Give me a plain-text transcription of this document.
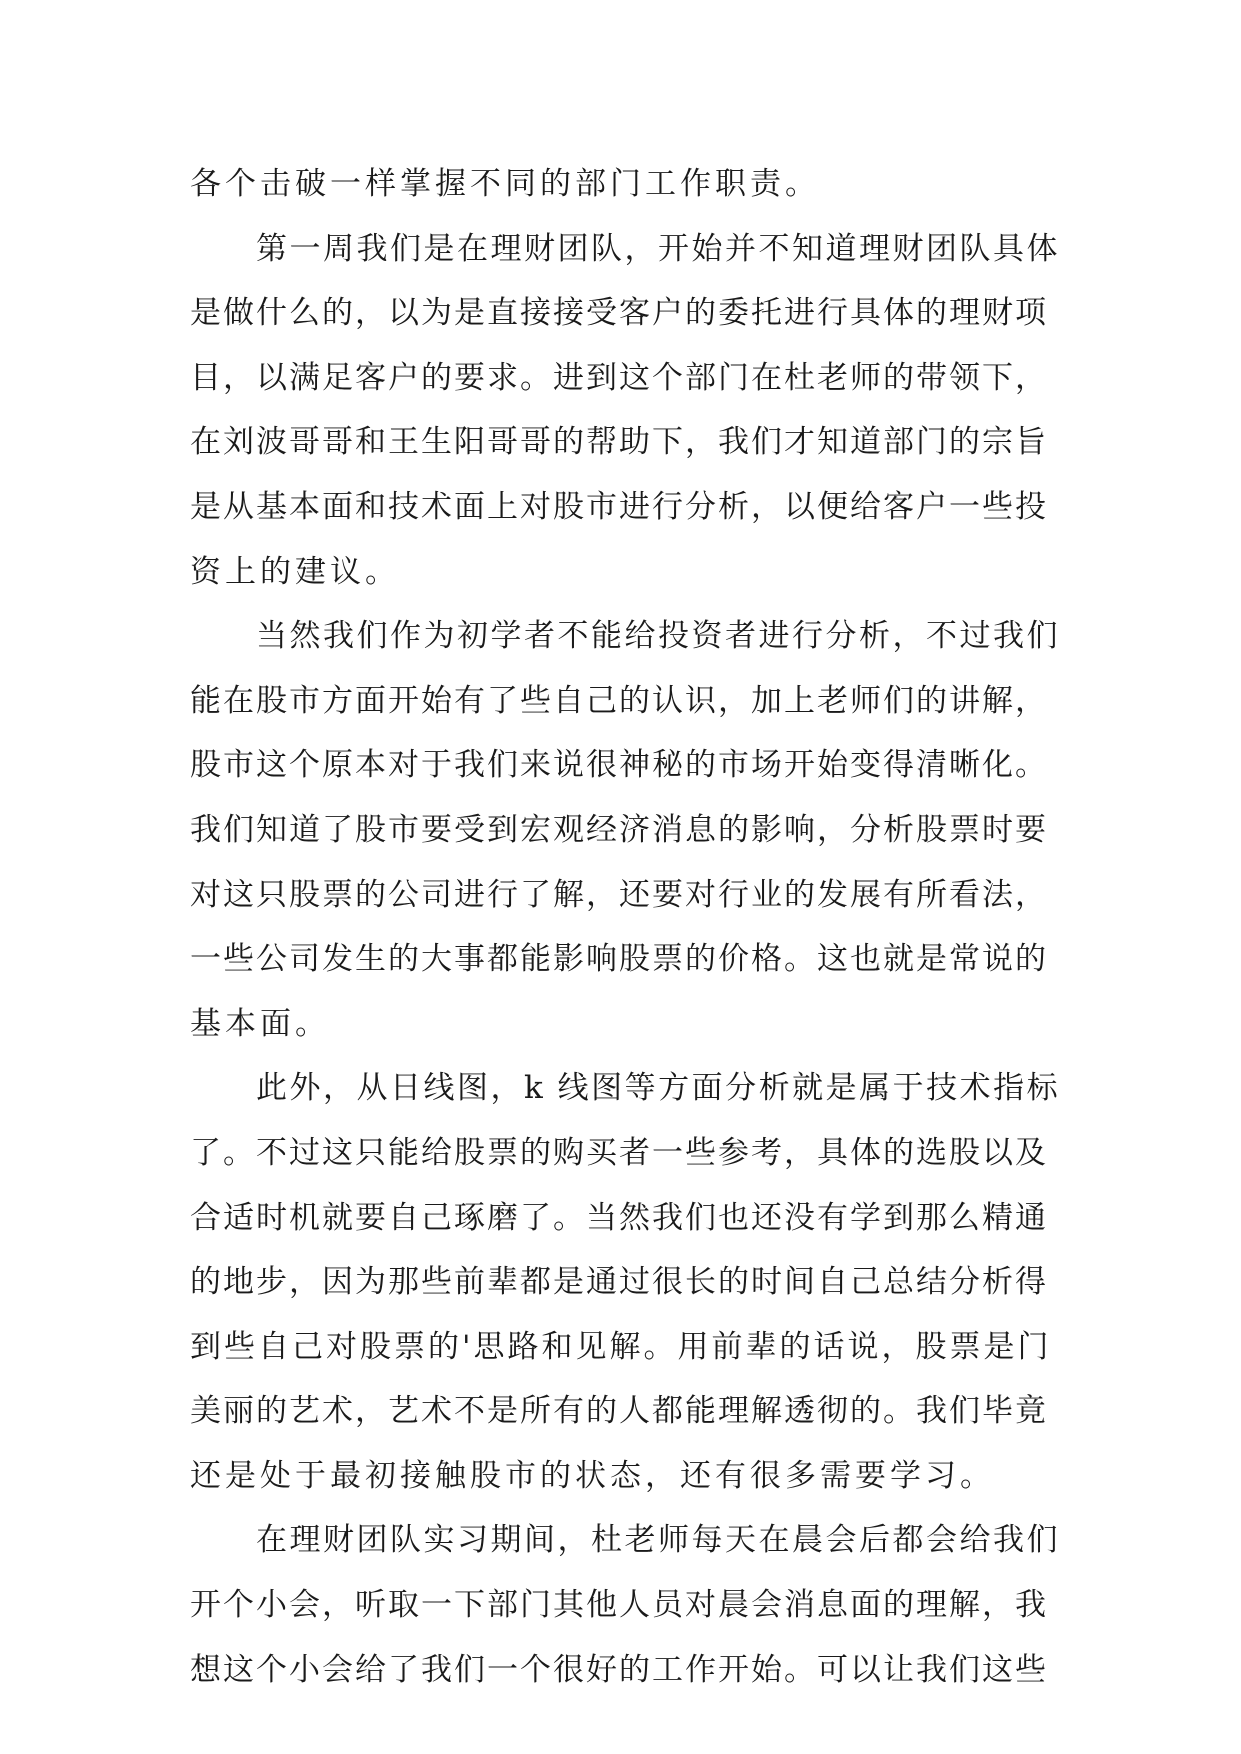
各个击破一样掌握不同的部门工作职责。
第一周我们是在理财团队，开始并不知道理财团队具体
是做什么的，以为是直接接受客户的委托进行具体的理财项
目，以满足客户的要求。进到这个部门在杜老师的带领下，
在刘波哥哥和王生阳哥哥的帮助下，我们才知道部门的宗旨
是从基本面和技术面上对股市进行分析，以便给客户一些投
资上的建议。
当然我们作为初学者不能给投资者进行分析，不过我们
能在股市方面开始有了些自己的认识，加上老师们的讲解，
股市这个原本对于我们来说很神秘的市场开始变得清晰化。
我们知道了股市要受到宏观经济消息的影响，分析股票时要
对这只股票的公司进行了解，还要对行业的发展有所看法，
一些公司发生的大事都能影响股票的价格。这也就是常说的
基本面。
此外，从日线图，k 线图等方面分析就是属于技术指标
了。不过这只能给股票的购买者一些参考，具体的选股以及
合适时机就要自己琢磨了。当然我们也还没有学到那么精通
的地步，因为那些前辈都是通过很长的时间自己总结分析得
到些自己对股票的'思路和见解。用前辈的话说，股票是门
美丽的艺术，艺术不是所有的人都能理解透彻的。我们毕竟
还是处于最初接触股市的状态，还有很多需要学习。
在理财团队实习期间，杜老师每天在晨会后都会给我们
开个小会，听取一下部门其他人员对晨会消息面的理解，我
想这个小会给了我们一个很好的工作开始。可以让我们这些
